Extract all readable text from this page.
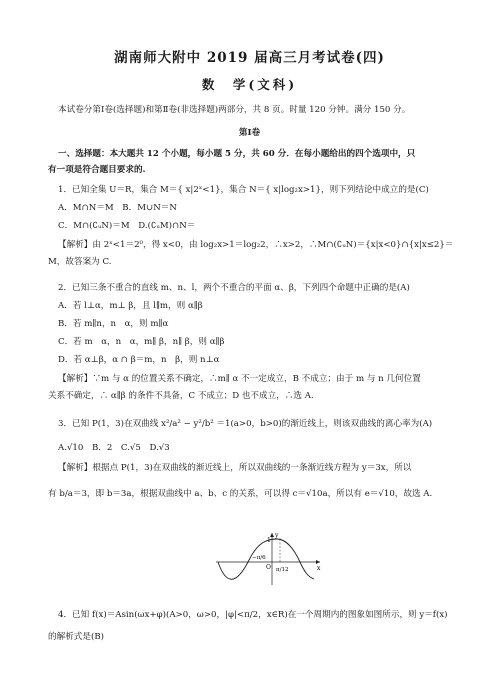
湖南师大附中 2019 届高三月考试卷(四)
数　学(文科)
本试卷分第Ⅰ卷(选择题)和第Ⅱ卷(非选择题)两部分，共 8 页。时量 120 分钟。满分 150 分。
第Ⅰ卷
一、选择题：本大题共 12 个小题，每小题 5 分，共 60 分．在每小题给出的四个选项中，只
有一项是符合题目要求的.
1．已知全集 U＝R，集合 M＝{ x|2ˣ<1}，集合 N＝{ x|log₂x>1}，则下列结论中成立的是(C)
A．M∩N＝M　B．M∪N＝N
C．M∩(∁ᵤN)＝M　D.(∁ᵤM)∩N＝
【解析】由 2ˣ<1＝2⁰，得 x<0，由 log₂x>1＝log₂2，∴x>2，∴M∩(∁ᵤN)＝{x|x<0}∩{x|x≤2}＝
M，故答案为 C.
2．已知三条不重合的直线 m、n、l，两个不重合的平面 α、β，下列四个命题中正确的是(A)
A．若 l⊥α，m⊥ β，且 l∥m，则 α∥β
B．若 m∥n，n　α，则 m∥α
C．若 m　α，n　α，m∥ β，n∥ β，则 α∥β
D．若 α⊥β，α ∩ β＝m，n　β，则 n⊥α
【解析】∵m 与 α 的位置关系不确定，∴m∥ α 不一定成立，B 不成立；由于 m 与 n 几何位置
关系不确定，∴ α∥β 的条件不具备，C 不成立；D 也不成立，∴选 A.
3．已知 P(1，3)在双曲线 x²/a² − y²/b² ＝1(a>0，b>0)的渐近线上，则该双曲线的离心率为(A)
A.√10　B．2　C.√5　D.√3
【解析】根据点 P(1，3)在双曲线的渐近线上，所以双曲线的一条渐近线方程为 y＝3x，所以
有 b/a＝3，即 b＝3a，根据双曲线中 a、b、c 的关系，可以得 c＝√10a，所以有 e＝√10，故选 A.
y
1
−π/6
O π/12	x
4．已知 f(x)＝Asin(ωx+φ)(A>0，ω>0，|φ|<π/2，x∈R)在一个周期内的图象如图所示，则 y＝f(x)
的解析式是(B)
